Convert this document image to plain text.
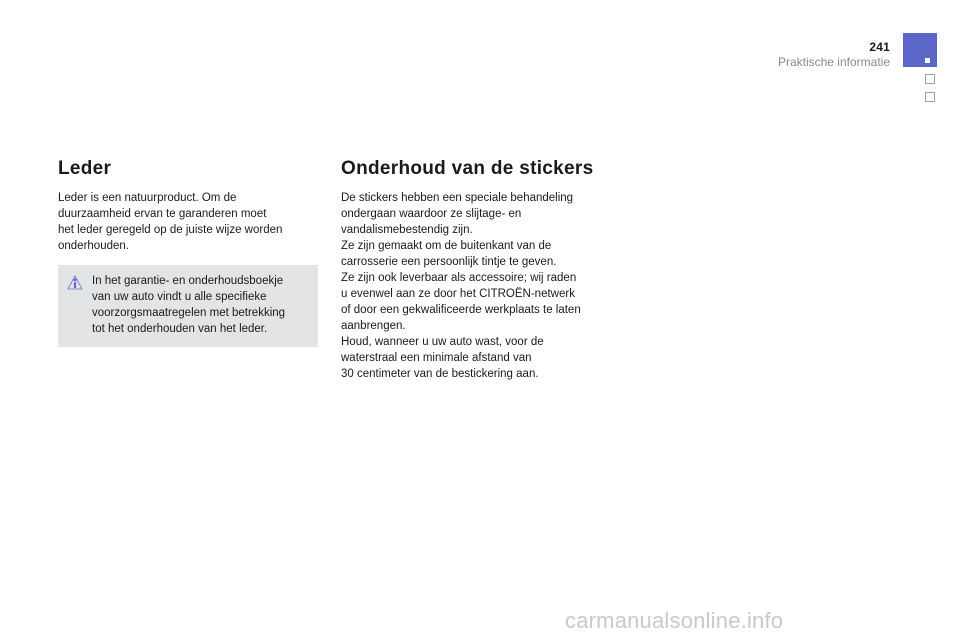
241
Praktische informatie
Leder

Leder is een natuurproduct. Om de
duurzaamheid ervan te garanderen moet
het leder geregeld op de juiste wijze worden
onderhouden.

In het garantie- en onderhoudsboekje
van uw auto vindt u alle specifieke
voorzorgsmaatregelen met betrekking
tot het onderhouden van het leder.

Onderhoud van de stickers

De stickers hebben een speciale behandeling
ondergaan waardoor ze slijtage- en
vandalismebestendig zijn.
Ze zijn gemaakt om de buitenkant van de
carrosserie een persoonlijk tintje te geven.
Ze zijn ook leverbaar als accessoire; wij raden
u evenwel aan ze door het CITROËN-netwerk
of door een gekwalificeerde werkplaats te laten
aanbrengen.
Houd, wanneer u uw auto wast, voor de
waterstraal een minimale afstand van
30 centimeter van de bestickering aan.

carmanualsonline.info
